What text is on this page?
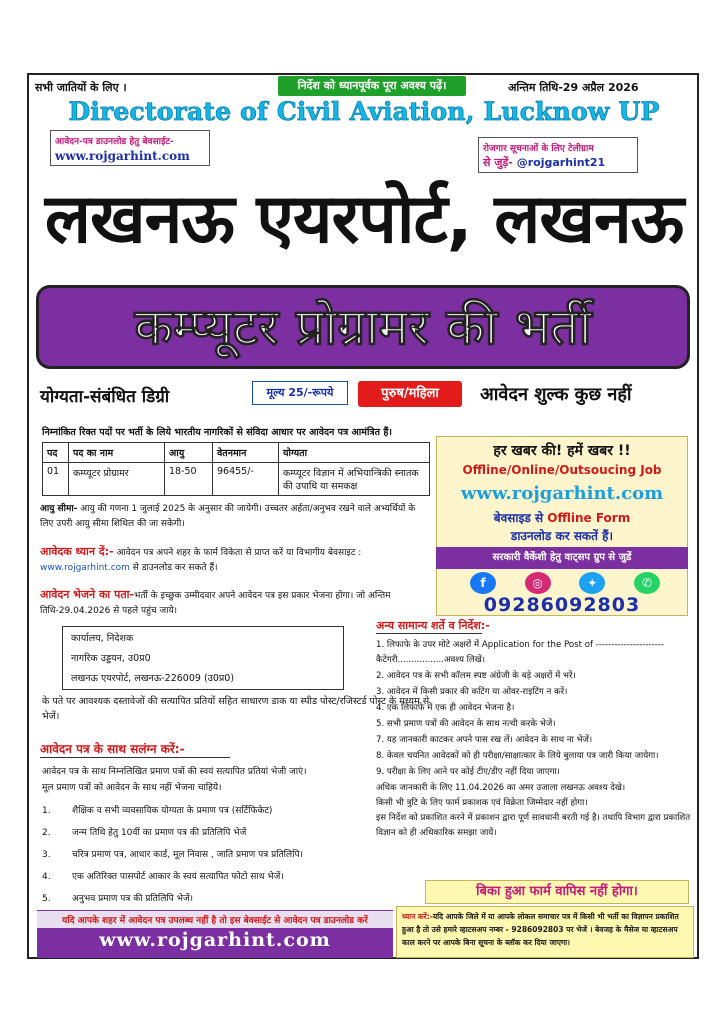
सभी जातियों के लिए ।	निर्देश को ध्यानपूर्वक पूरा अवश्य पढ़ें।	अन्तिम तिथि-29 अप्रैल 2026
Directorate of Civil Aviation, Lucknow UP
आवेदन-पत्र डाउनलोड हेतु बेवसाईट-
www.rojgarhint.com	रोजगार सूचनाओं के लिए टेलीग्राम
से जुड़ें- @rojgarhint21
लखनऊ एयरपोर्ट, लखनऊ
कम्प्यूटर प्रोग्रामर की भर्ती
योग्यता-संबंधित डिग्री	मूल्य 25/-रूपये	पुरुष/महिला	आवेदन शुल्क कुछ नहीं
निम्नांकित रिक्त पदों पर भर्ती के लिये भारतीय नागरिकों से संविदा आधार पर आवेदन पत्र आमंत्रित हैं।
पद	पद का नाम	आयु	वेतनमान	योग्यता
01	कम्प्यूटर प्रोग्रामर	18-50	96455/-	कम्प्यूटर विज्ञान में अभियान्त्रिकी स्नातक की उपाधि या समकक्ष
आयु सीमा- आयु की गणना 1 जुलाई 2025 के अनुसार की जायेगी। उच्चतर अर्हता/अनुभव रखने वाले अभ्यर्थियों के लिए उपरी आयु सीमा शिथिल की जा सकेगी।
आवेदक ध्यान दें:- आवेदन पत्र अपने शहर के फार्म विकेता से प्राप्त करें या विभागीय बेवसाइट : www.rojgarhint.com से डाउनलोड कर सकते हैं।
आवेदन भेजने का पता-भर्ती के इच्छुक उम्मीदवार अपने आवेदन पत्र इस प्रकार भेजना होगा। जो अन्तिम तिथि-29.04.2026 से पहले पहुंच जाये।
कार्यालय, निदेशक
नागरिक उड्डयन, उ0प्र0
लखनऊ एयरपोर्ट, लखनऊ-226009 (उ0प्र0)
के पते पर आवश्यक दस्तावेजों की सत्यापित प्रतियों सहित साधारण डाक या स्पीड पोस्ट/रजिस्टर्ड पोस्ट के मध्यम से भेजें।
आवेदन पत्र के साथ सलंग्न करें:-
आवेदन पत्र के साथ निम्नलिखित प्रमाण पत्रों की स्वयं सत्यापित प्रतियां भेजी जाएं।
मूल प्रमाण पत्रों को आवेदन के साथ नहीं भेजना चाहिये।
1.	शैक्षिक व सभी व्यवसायिक योग्यता के प्रमाण पत्र (सर्टिफिकेट)
2.	जन्म तिथि हेतु 10वीं का प्रमाण पत्र की प्रतिलिपि भेजें
3.	चरित्र प्रमाण पत्र, आधार कार्ड, मूल निवास , जाति प्रमाण पत्र प्रतिलिपि।
4.	एक अतिरिक्त पासपोर्ट आकार के स्वयं सत्यापित फोटो साथ भेजें।
5.	अनुभव प्रमाण पत्र की प्रतिलिपि भेजें।
हर खबर की! हमें खबर !!
Offline/Online/Outsoucing Job
www.rojgarhint.com
बेवसाइड से Offline Form
डाउनलोड कर सकतें हैं।
सरकारी वैकेंशी हेतु वाट्सप ग्रुप से जुडें
f	◎	✦	✆
09286092803
अन्य सामान्य शर्ते व निर्देश:-
1. लिफाफे के उपर मोटे अक्षरों में Application for the Post of ---------------------- कैटेगरी.................अवश्य लिखें।
2. आवेदन पत्र के सभी कॉलम स्पष्ट अंग्रेजी के बड़े अक्षरों में भरें।
3. आवेदन में किसी प्रकार की कटिंग या ओवर-राइटिंग न करें।
4. एक लिफाफे में एक ही आवेदन भेजना है।
5. सभी प्रमाण पत्रों की आवेदन के साथ नत्थी करके भेजें।
7. यह जानकारी काटकर अपने पास रख लें। आवेदन के साथ ना भेजें।
8. केवल चयनित आवेदकों को ही परीक्षा/साक्षात्कार के लिये बुलाया पत्र जारी किया जायेगा।
9. परीक्षा के लिए आने पर कोई टीए/डीए नहीं दिया जाएगा।
अधिक जानकारी के लिए 11.04.2026 का अमर उजाला लखनऊ अवश्य देखे।
किसी भी त्रुटि के लिए फार्म प्रकाशक एवं विक्रेता जिम्मेदार नहीं होगा।
इस निर्देश को प्रकाशित करने में प्रकाशन द्वारा पूर्ण सावधानी बरती गई है। तथापि विभाग द्वारा प्रकाशित विज्ञान को ही अधिकारिक समझा जायें।
बिका हुआ फार्म वापिस नहीं होगा।
यदि आपके शहर में आवेदन पत्र उपलब्ध नहीं है तो इस बेवसाईट से आवेदन पत्र डाउनलोड करें
www.rojgarhint.com
ध्यान करें:-यदि आपके जिले में या आपके लोकल समाचार पत्र में किसी भी भर्ती का विज्ञापन प्रकाशित हुआ है तो उसे हमारे व्हाटसअप नम्बर - 9286092803 पर भेजें । बेवजह के मैसेज या व्हाटसअप काल करने पर आपके बिना सूचना के ब्लॉक कर दिया जाएगा।
